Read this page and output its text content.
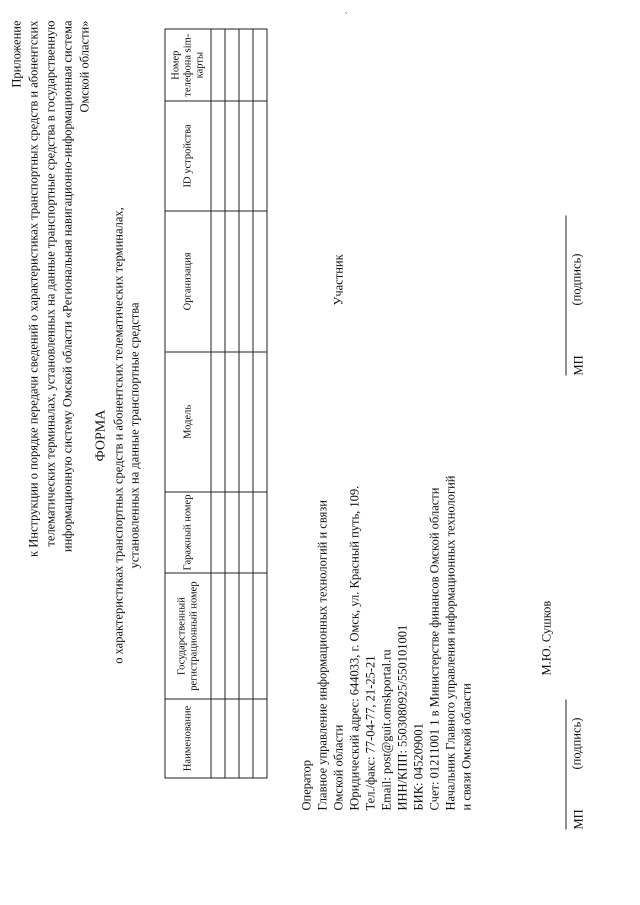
Приложение к Инструкции о порядке передачи сведений о характеристиках транспортных средств и абонентских телематических терминалах, установленных на данные транспортные средства в государственную информационную систему Омской области «Региональная навигационно-информационная система Омской области»
ФОРМА о характеристиках транспортных средств и абонентских телематических терминалах, установленных на данные транспортные средства
Наименование	Государственный регистрационный номер	Гаражный номер	Модель	Организация	ID устройства	Номер телефона sim-карты

Оператор Главное управление информационных технологий и связи Омской области Юридический адрес: 644033, г. Омск, ул. Красный путь, 109. Тел./факс: 77-04-77, 21-25-21 Email: post@guit.omskportal.ru ИНН/КПП: 5503080925/550101001 БИК: 045209001 Счет: 01211001 1 в Министерстве финансов Омской области Начальник Главного управления информационных технологий и связи Омской области
М.Ю. Сушков
МП
(подпись)
Участник
МП
(подпись)
